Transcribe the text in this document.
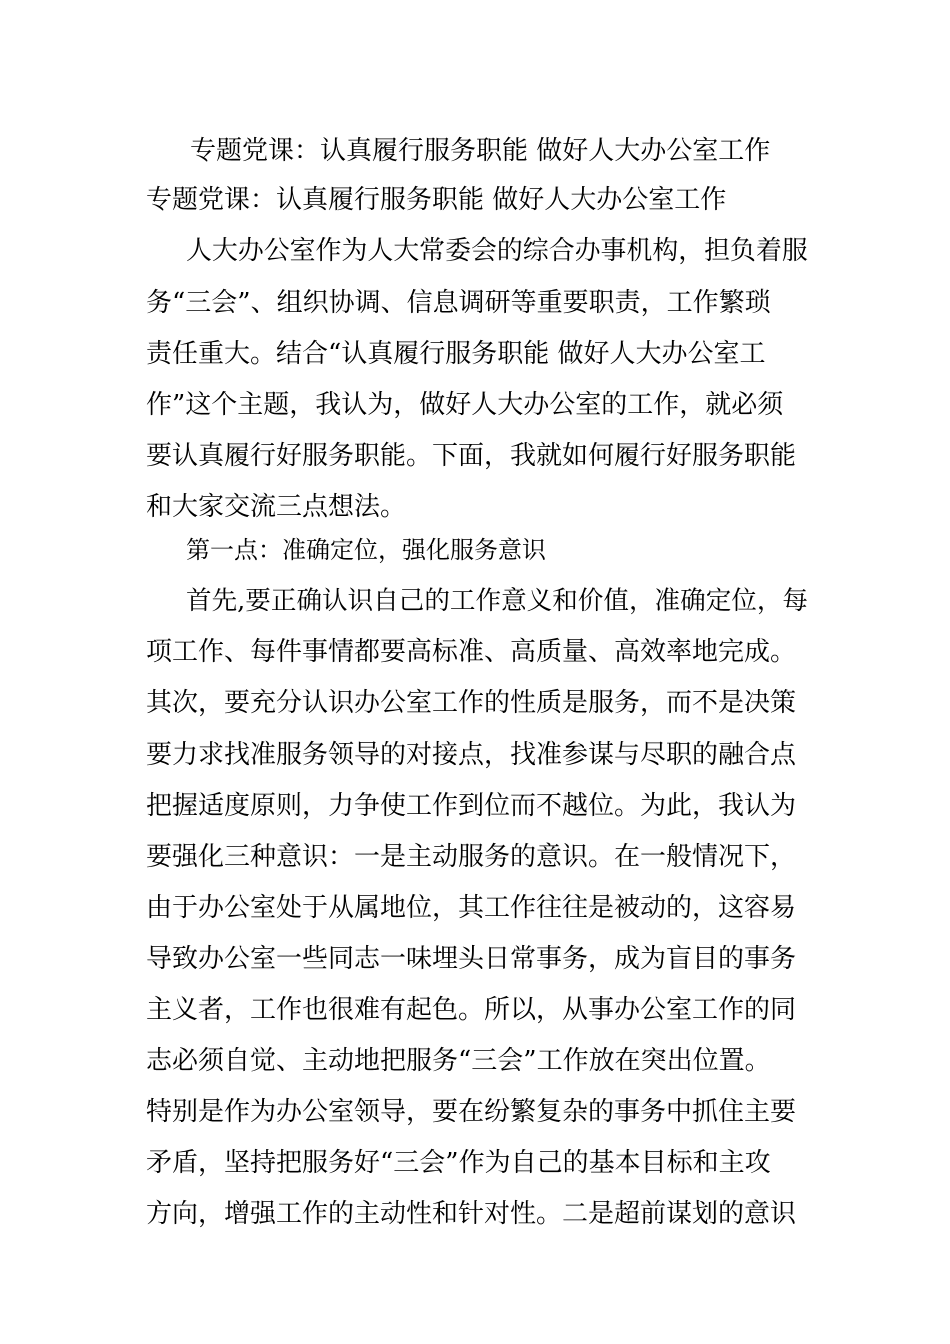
专题党课：认真履行服务职能 做好人大办公室工作
专题党课：认真履行服务职能 做好人大办公室工作
人大办公室作为人大常委会的综合办事机构，担负着服
务“三会”、组织协调、信息调研等重要职责，工作繁琐
责任重大。结合“认真履行服务职能 做好人大办公室工
作”这个主题，我认为，做好人大办公室的工作，就必须
要认真履行好服务职能。下面，我就如何履行好服务职能
和大家交流三点想法。
第一点：准确定位，强化服务意识
首先,要正确认识自己的工作意义和价值，准确定位，每
项工作、每件事情都要高标准、高质量、高效率地完成。
其次，要充分认识办公室工作的性质是服务，而不是决策
要力求找准服务领导的对接点，找准参谋与尽职的融合点
把握适度原则，力争使工作到位而不越位。为此，我认为
要强化三种意识：一是主动服务的意识。在一般情况下，
由于办公室处于从属地位，其工作往往是被动的，这容易
导致办公室一些同志一味埋头日常事务，成为盲目的事务
主义者，工作也很难有起色。所以，从事办公室工作的同
志必须自觉、主动地把服务“三会”工作放在突出位置。
特别是作为办公室领导，要在纷繁复杂的事务中抓住主要
矛盾，坚持把服务好“三会”作为自己的基本目标和主攻
方向，增强工作的主动性和针对性。二是超前谋划的意识
